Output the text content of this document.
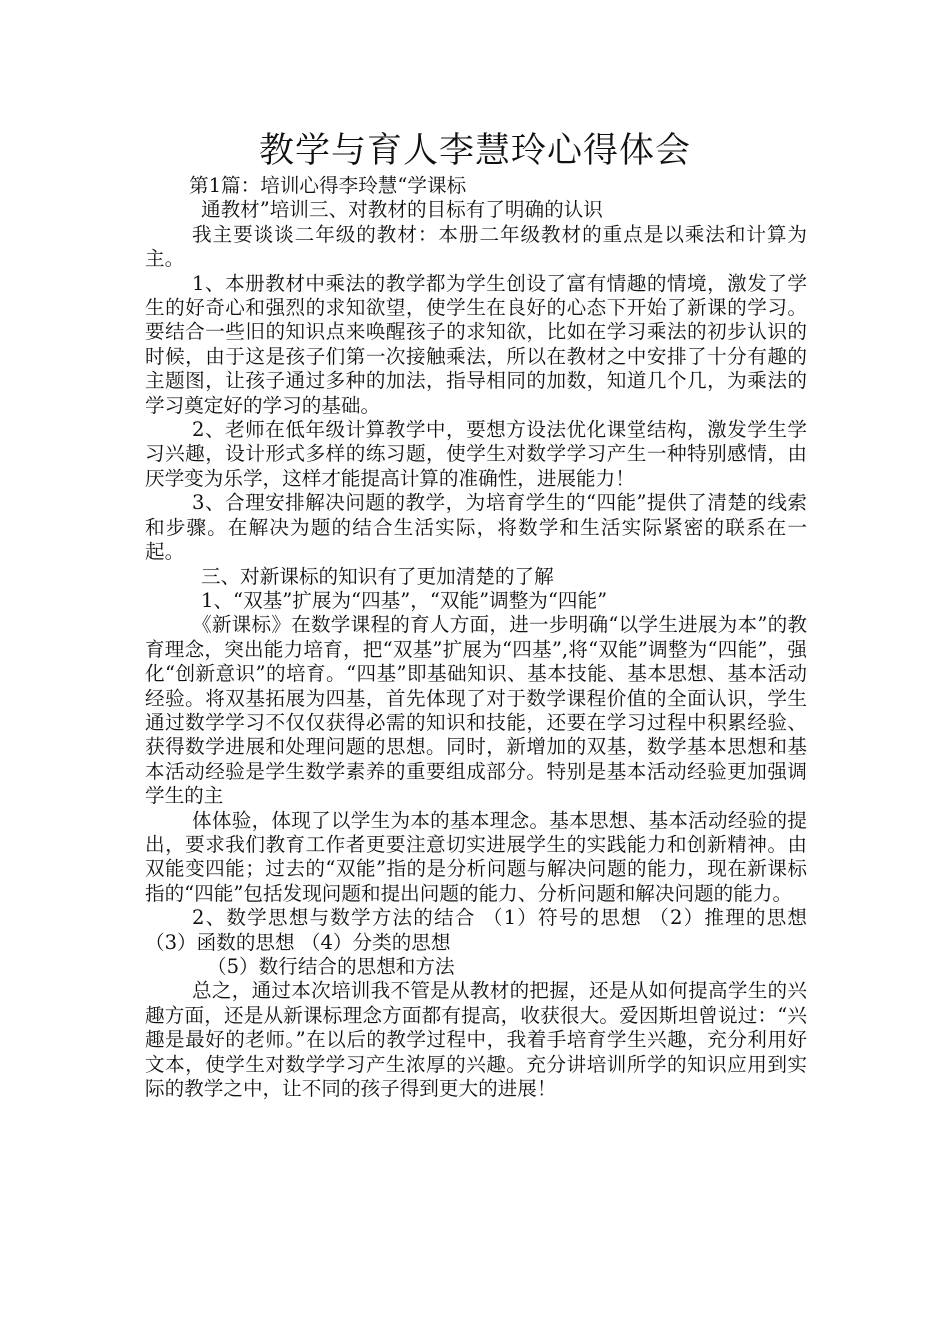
教学与育人李慧玲心得体会

第1篇：培训心得李玲慧“学课标

通教材”培训三、对教材的目标有了明确的认识

我主要谈谈二年级的教材：本册二年级教材的重点是以乘法和计算为主。

1、本册教材中乘法的教学都为学生创设了富有情趣的情境，激发了学生的好奇心和强烈的求知欲望，使学生在良好的心态下开始了新课的学习。要结合一些旧的知识点来唤醒孩子的求知欲，比如在学习乘法的初步认识的时候，由于这是孩子们第一次接触乘法，所以在教材之中安排了十分有趣的主题图，让孩子通过多种的加法，指导相同的加数，知道几个几，为乘法的学习奠定好的学习的基础。

2、老师在低年级计算教学中，要想方设法优化课堂结构，激发学生学习兴趣，设计形式多样的练习题，使学生对数学学习产生一种特别感情，由厌学变为乐学，这样才能提高计算的准确性，进展能力！

3、合理安排解决问题的教学，为培育学生的“四能”提供了清楚的线索和步骤。在解决为题的结合生活实际，将数学和生活实际紧密的联系在一起。

三、对新课标的知识有了更加清楚的了解

1、“双基”扩展为“四基”，“双能”调整为“四能”

《新课标》在数学课程的育人方面，进一步明确“以学生进展为本”的教育理念，突出能力培育，把“双基”扩展为“四基”,将“双能”调整为“四能”，强化“创新意识”的培育。“四基”即基础知识、基本技能、基本思想、基本活动经验。将双基拓展为四基，首先体现了对于数学课程价值的全面认识，学生通过数学学习不仅仅获得必需的知识和技能，还要在学习过程中积累经验、获得数学进展和处理问题的思想。同时，新增加的双基，数学基本思想和基本活动经验是学生数学素养的重要组成部分。特别是基本活动经验更加强调学生的主

体体验，体现了以学生为本的基本理念。基本思想、基本活动经验的提出，要求我们教育工作者更要注意切实进展学生的实践能力和创新精神。由双能变四能；过去的“双能”指的是分析问题与解决问题的能力，现在新课标指的“四能”包括发现问题和提出问题的能力、分析问题和解决问题的能力。

2、数学思想与数学方法的结合 （1）符号的思想 （2）推理的思想 （3）函数的思想 （4）分类的思想

（5）数行结合的思想和方法

总之，通过本次培训我不管是从教材的把握，还是从如何提高学生的兴趣方面，还是从新课标理念方面都有提高，收获很大。爱因斯坦曾说过：“兴趣是最好的老师。”在以后的教学过程中，我着手培育学生兴趣，充分利用好文本，使学生对数学学习产生浓厚的兴趣。充分讲培训所学的知识应用到实际的教学之中，让不同的孩子得到更大的进展！
